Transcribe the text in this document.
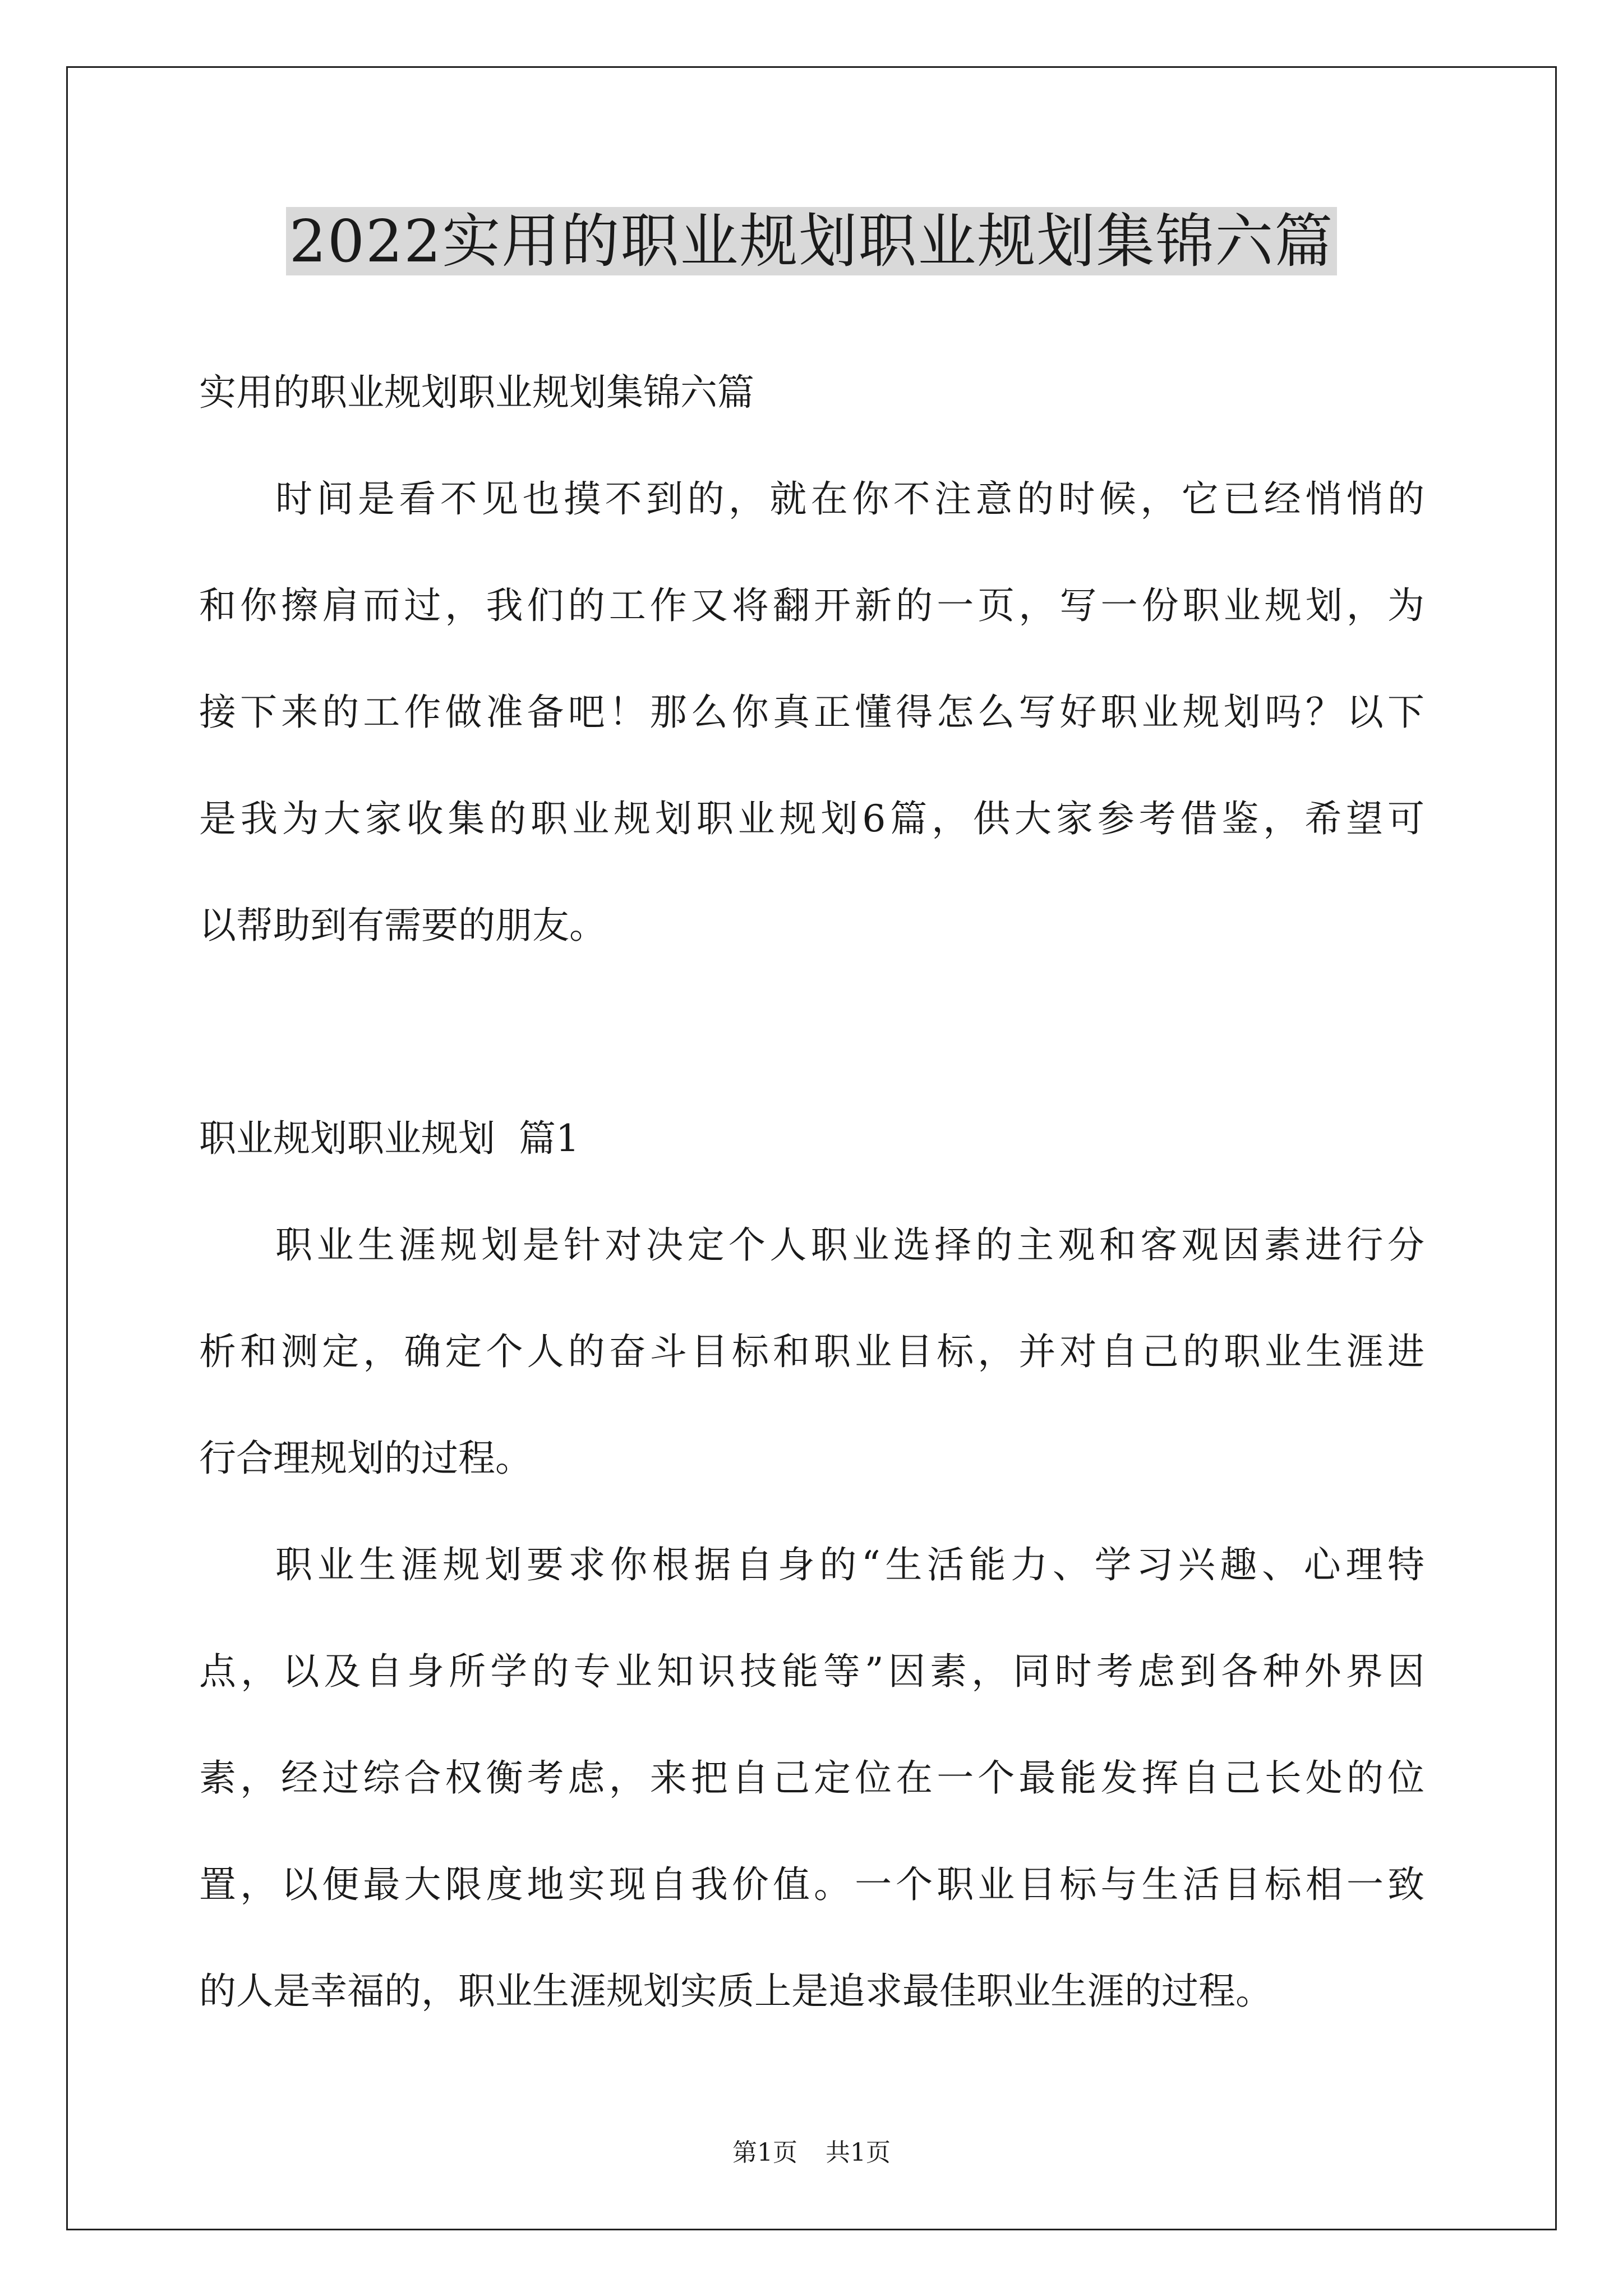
2022实用的职业规划职业规划集锦六篇
实用的职业规划职业规划集锦六篇
时间是看不见也摸不到的，就在你不注意的时候，它已经悄悄的
和你擦肩而过，我们的工作又将翻开新的一页，写一份职业规划，为
接下来的工作做准备吧！那么你真正懂得怎么写好职业规划吗？以下
是我为大家收集的职业规划职业规划6篇，供大家参考借鉴，希望可
以帮助到有需要的朋友。
职业规划职业规划  篇1
职业生涯规划是针对决定个人职业选择的主观和客观因素进行分
析和测定，确定个人的奋斗目标和职业目标，并对自己的职业生涯进
行合理规划的过程。
职业生涯规划要求你根据自身的“生活能力、学习兴趣、心理特
点，以及自身所学的专业知识技能等”因素，同时考虑到各种外界因
素，经过综合权衡考虑，来把自己定位在一个最能发挥自己长处的位
置，以便最大限度地实现自我价值。一个职业目标与生活目标相一致
的人是幸福的，职业生涯规划实质上是追求最佳职业生涯的过程。
第1页 共1页
